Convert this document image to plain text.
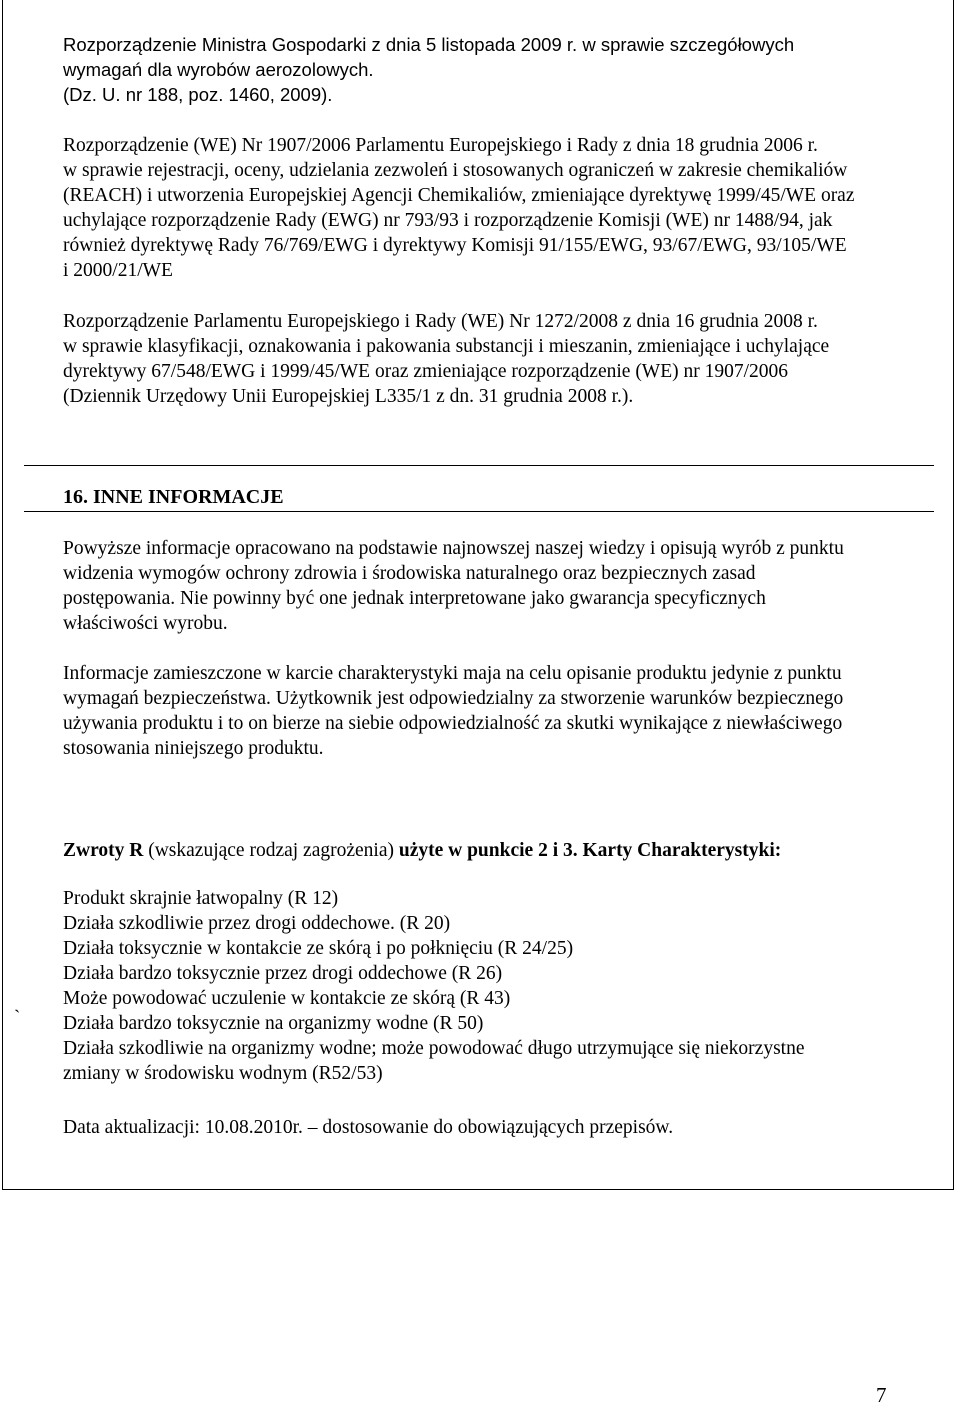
Rozporządzenie Ministra Gospodarki z dnia 5 listopada 2009 r. w sprawie szczegółowych
wymagań dla wyrobów aerozolowych.
(Dz. U. nr 188, poz. 1460, 2009).

Rozporządzenie (WE) Nr 1907/2006 Parlamentu Europejskiego i Rady z dnia 18 grudnia 2006 r.
w sprawie rejestracji, oceny, udzielania zezwoleń i stosowanych ograniczeń w zakresie chemikaliów
(REACH) i utworzenia Europejskiej Agencji Chemikaliów, zmieniające dyrektywę 1999/45/WE oraz
uchylające rozporządzenie Rady (EWG) nr 793/93 i rozporządzenie Komisji (WE) nr 1488/94, jak
również dyrektywę Rady 76/769/EWG i dyrektywy Komisji 91/155/EWG, 93/67/EWG, 93/105/WE
i 2000/21/WE

Rozporządzenie Parlamentu Europejskiego i Rady (WE) Nr 1272/2008 z dnia 16 grudnia 2008 r.
w sprawie klasyfikacji, oznakowania i pakowania substancji i mieszanin, zmieniające i uchylające
dyrektywy 67/548/EWG i 1999/45/WE oraz zmieniające rozporządzenie (WE) nr 1907/2006
(Dziennik Urzędowy Unii Europejskiej L335/1 z dn. 31 grudnia 2008 r.).

16. INNE INFORMACJE

Powyższe informacje opracowano na podstawie najnowszej naszej wiedzy i opisują wyrób z punktu
widzenia wymogów ochrony zdrowia i środowiska naturalnego oraz bezpiecznych zasad
postępowania. Nie powinny być one jednak interpretowane jako gwarancja specyficznych
właściwości wyrobu.

Informacje zamieszczone w karcie charakterystyki maja na celu opisanie produktu jedynie z punktu
wymagań bezpieczeństwa. Użytkownik jest odpowiedzialny za stworzenie warunków bezpiecznego
używania produktu i to on bierze na siebie odpowiedzialność za skutki wynikające z niewłaściwego
stosowania niniejszego produktu.

Zwroty R (wskazujące rodzaj zagrożenia) użyte w punkcie 2 i 3. Karty Charakterystyki:

Produkt skrajnie łatwopalny (R 12)
Działa szkodliwie przez drogi oddechowe. (R 20)
Działa toksycznie w kontakcie ze skórą i po połknięciu (R 24/25)
Działa bardzo toksycznie przez drogi oddechowe (R 26)
Może powodować uczulenie w kontakcie ze skórą (R 43)
Działa bardzo toksycznie na organizmy wodne (R 50)
Działa szkodliwie na organizmy wodne; może powodować długo utrzymujące się niekorzystne
zmiany w środowisku wodnym (R52/53)

`

Data aktualizacji: 10.08.2010r. – dostosowanie do obowiązujących przepisów.

7
